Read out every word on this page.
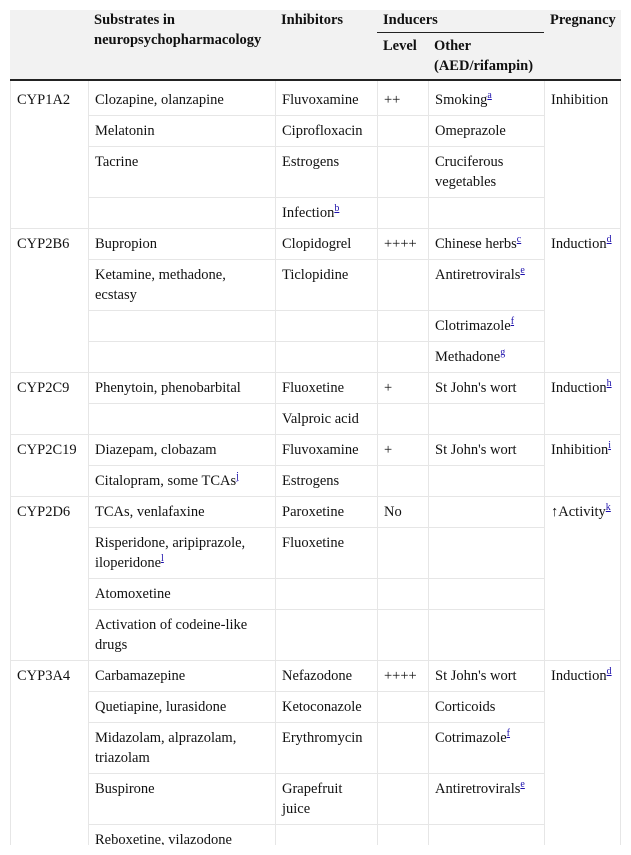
	Substrates in neuropsychopharmacology	Inhibitors	Inducers		Pregnancy
			Level	Other (AED/rifampin)	
CYP1A2	Clozapine, olanzapine	Fluvoxamine	++	Smoking$^a$	Inhibition
	Melatonin	Ciprofloxacin		Omeprazole	
	Tacrine	Estrogens		Cruciferous vegetables	
		Infection$^b$		
CYP2B6	Bupropion	Clopidogrel	++++	Chinese herbs$^c$	Induction$^d$
	Ketamine, methadone, ecstasy	Ticlopidine		Antiretrovirals$^e$
				Clotrimazole$^f$
				Methadone$^g$
CYP2C9	Phenytoin, phenobarbital	Fluoxetine	+	St John's wort	Induction$^h$
		Valproic acid			
CYP2C19	Diazepam, clobazam	Fluvoxamine	+	St John's wort	Inhibition$^i$
	Citalopram, some TCAs$^j$	Estrogens			
CYP2D6	TCAs, venlafaxine	Paroxetine	No		↑Activity$^k$
	Risperidone, aripiprazole, iloperidone$^l$	Fluoxetine			
	Atomoxetine				
	Activation of codeine-like drugs				
CYP3A4	Carbamazepine	Nefazodone	++++	St John's wort	Induction$^d$
	Quetiapine, lurasidone	Ketoconazole		Corticoids	
	Midazolam, alprazolam, triazolam	Erythromycin		Cotrimazole$^f$
	Buspirone	Grapefruit juice		Antiretrovirals$^e$
	Reboxetine, vilazodone				
